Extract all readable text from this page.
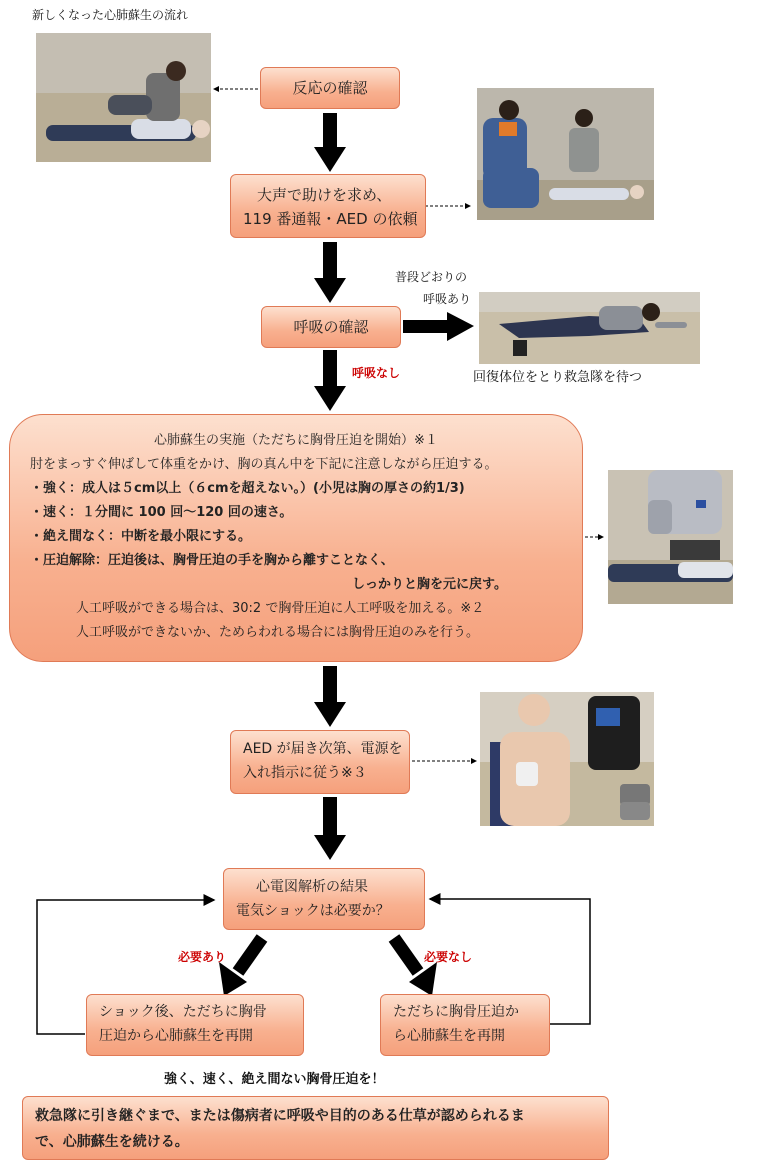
新しくなった心肺蘇生の流れ
反応の確認
大声で助けを求め、
119 番通報・AED の依頼
呼吸の確認
普段どおりの
呼吸あり
回復体位をとり救急隊を待つ
呼吸なし

心肺蘇生の実施（ただちに胸骨圧迫を開始）※１

肘をまっすぐ伸ばして体重をかけ、胸の真ん中を下記に注意しながら圧迫する。

・強く：成人は５cm以上（６cmを超えない。）(小児は胸の厚さの約1/3)

・速く：１分間に 100 回～120 回の速さ。

・絶え間なく：中断を最小限にする。

・圧迫解除：圧迫後は、胸骨圧迫の手を胸から離すことなく、

しっかりと胸を元に戻す。

人工呼吸ができる場合は、30:2 で胸骨圧迫に人工呼吸を加える。※２

人工呼吸ができないか、ためらわれる場合には胸骨圧迫のみを行う。

AED が届き次第、電源を
入れ指示に従う※３
心電図解析の結果
電気ショックは必要か？
必要あり	必要なし
ショック後、ただちに胸骨
圧迫から心肺蘇生を再開
ただちに胸骨圧迫か
ら心肺蘇生を再開
強く、速く、絶え間ない胸骨圧迫を！
救急隊に引き継ぐまで、または傷病者に呼吸や目的のある仕草が認められるま
で、心肺蘇生を続ける。
